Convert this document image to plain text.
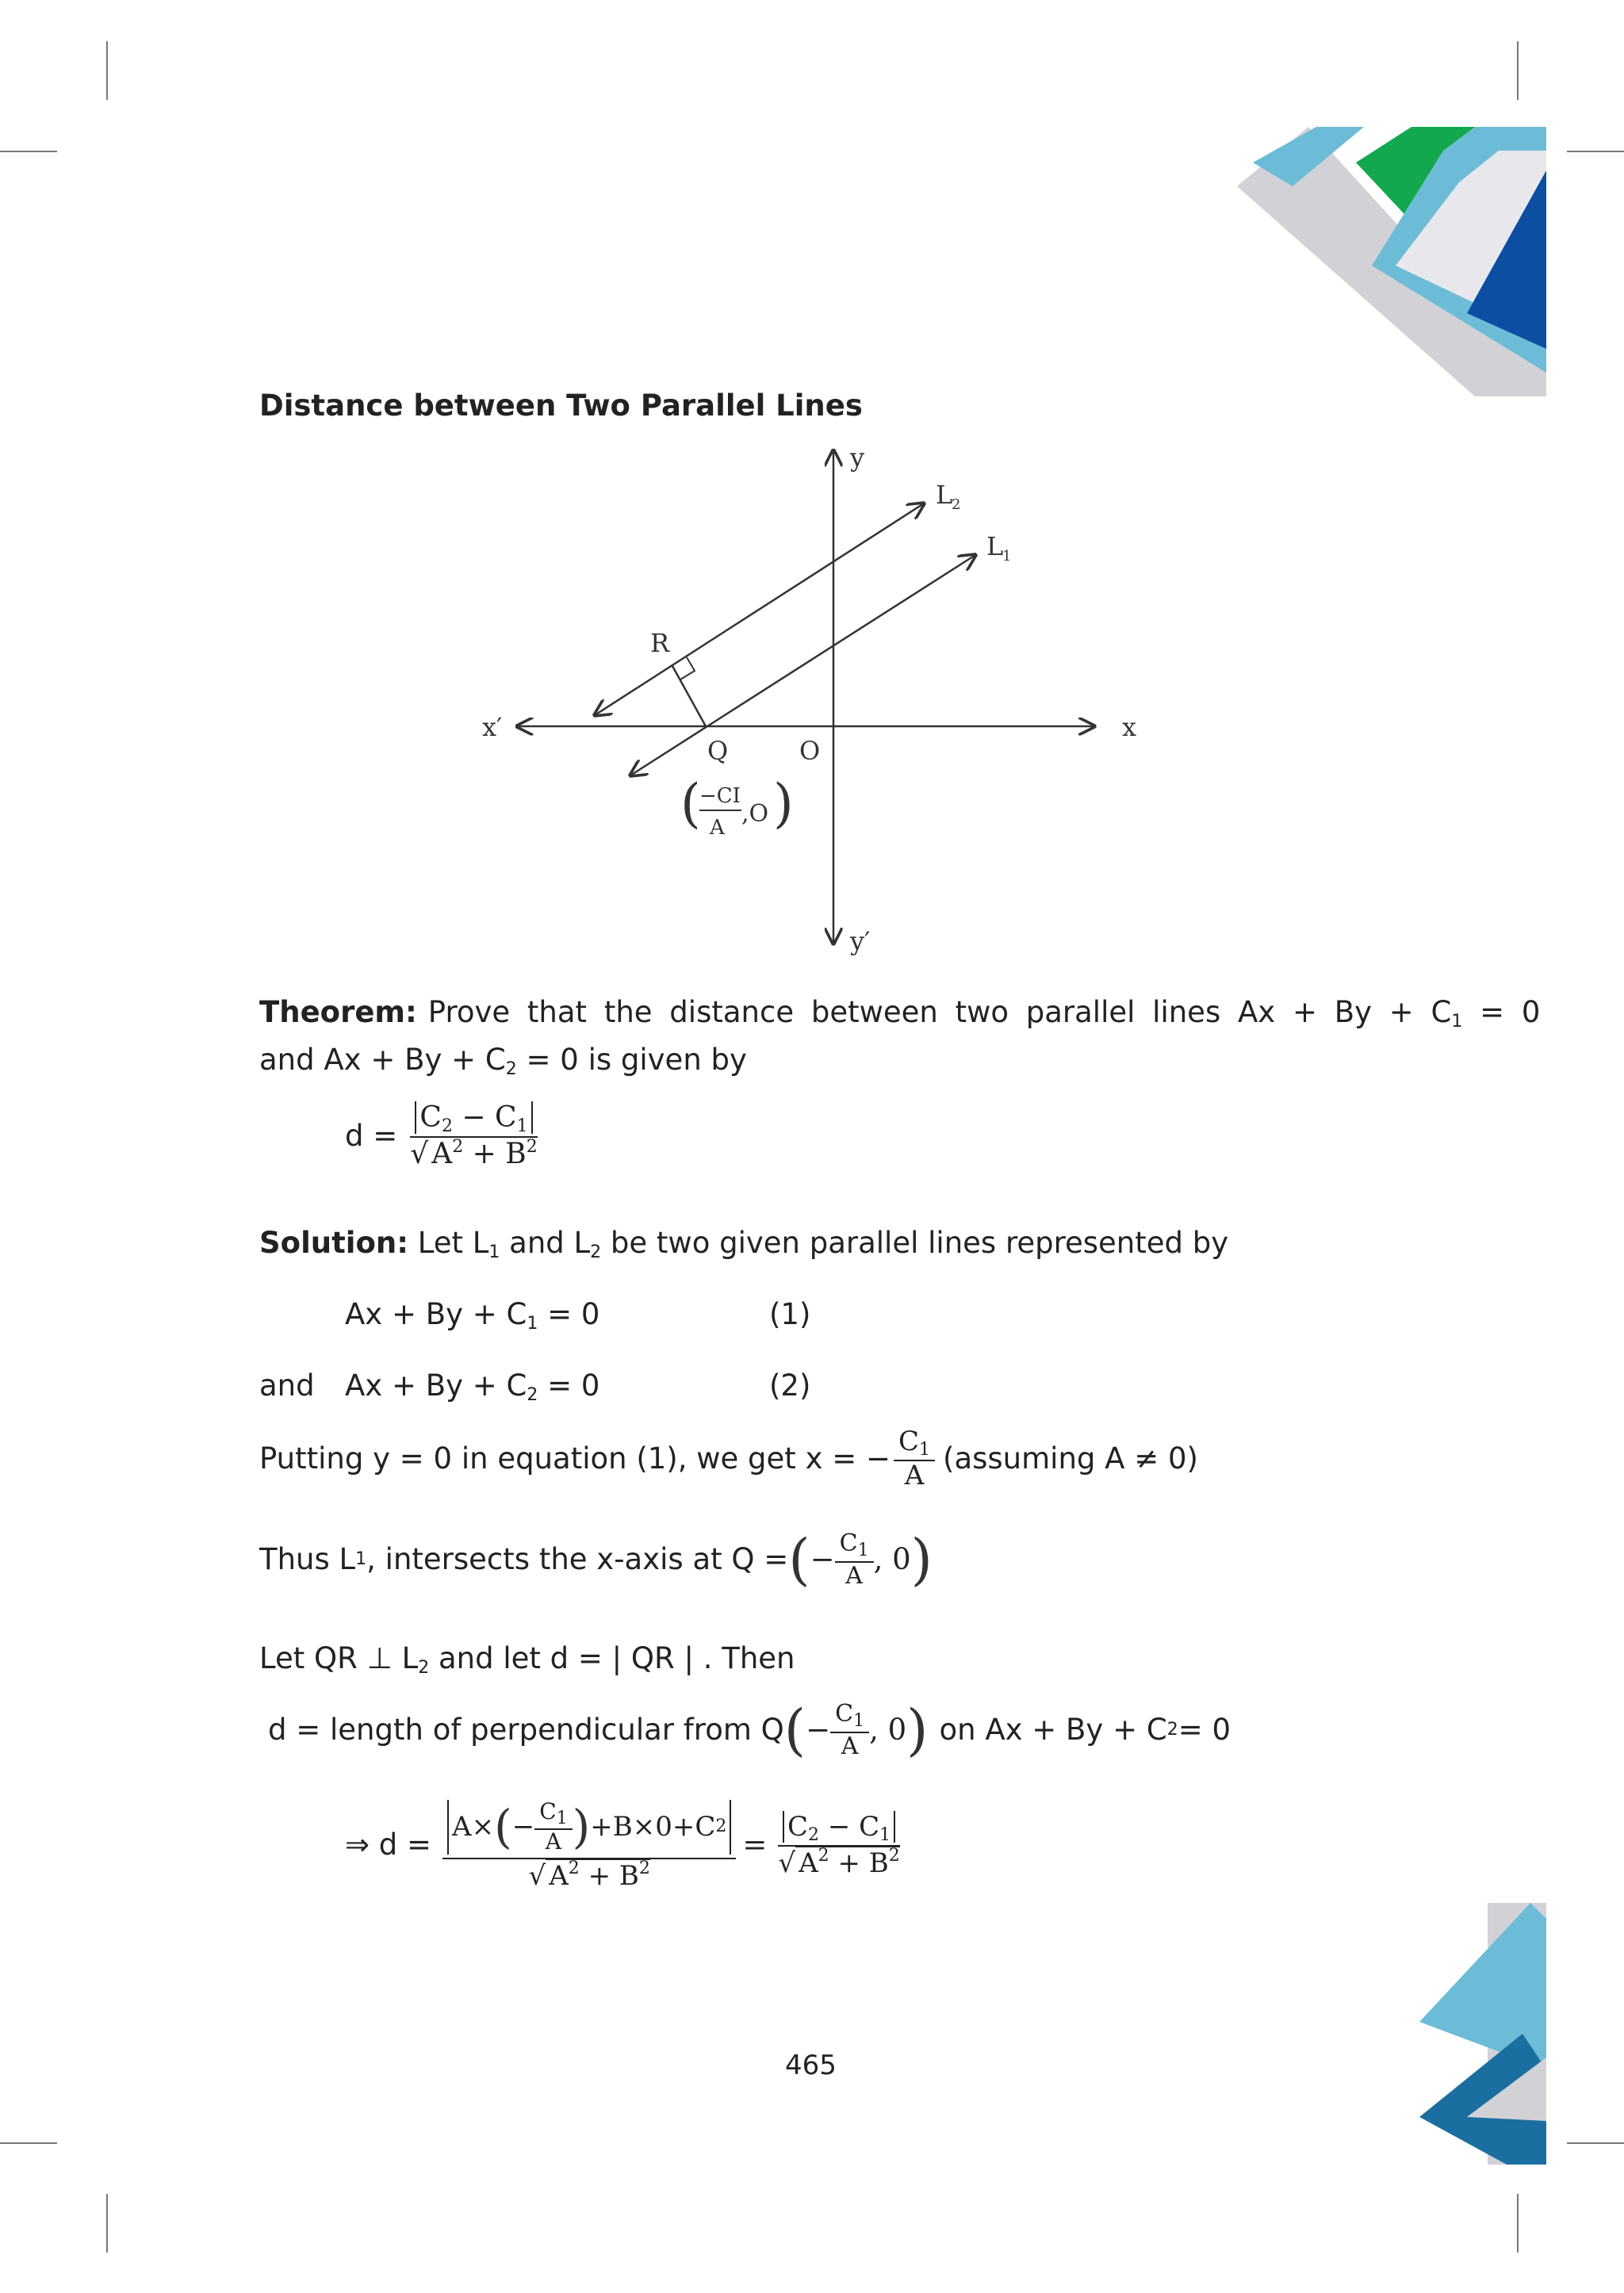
Distance between Two Parallel Lines
y
y′
x
x′
O
L
2
L
1
R
Q
(
−CI
A ,O )
Theorem: Prove that the distance between two parallel lines $Ax + By + C_1 = 0$
and $Ax + By + C_2 = 0$ is given by
$d = \frac{C_2 - C_1}{√ A^2 + B^2}$
Solution: Let $L_1$ and $L_2$ be two given parallel lines represented by
$Ax + By + C_1 = 0$	(1)
and $Ax + By + C_2 = 0$	(2)
Putting y = 0 in equation (1), we get x = − $\frac{C_1}{A}$ (assuming A ≠ 0)
Thus L 1 , intersects the x-axis at Q = ( − $\frac{C_1}{A}$ , 0 )
Let QR ⊥ $L_2$ and let d = | QR | . Then
d = length of perpendicular from Q ( − $\frac{C_1}{A}$ , 0 ) on Ax + By + C 2 = 0
⇒ $d = \frac{A\times ( - \frac{C_1}{A} ) +B\times 0+C 2}{√ A^2 + B^2} = \frac{C_2 - C_1}{√ A^2 + B^2}$
465
